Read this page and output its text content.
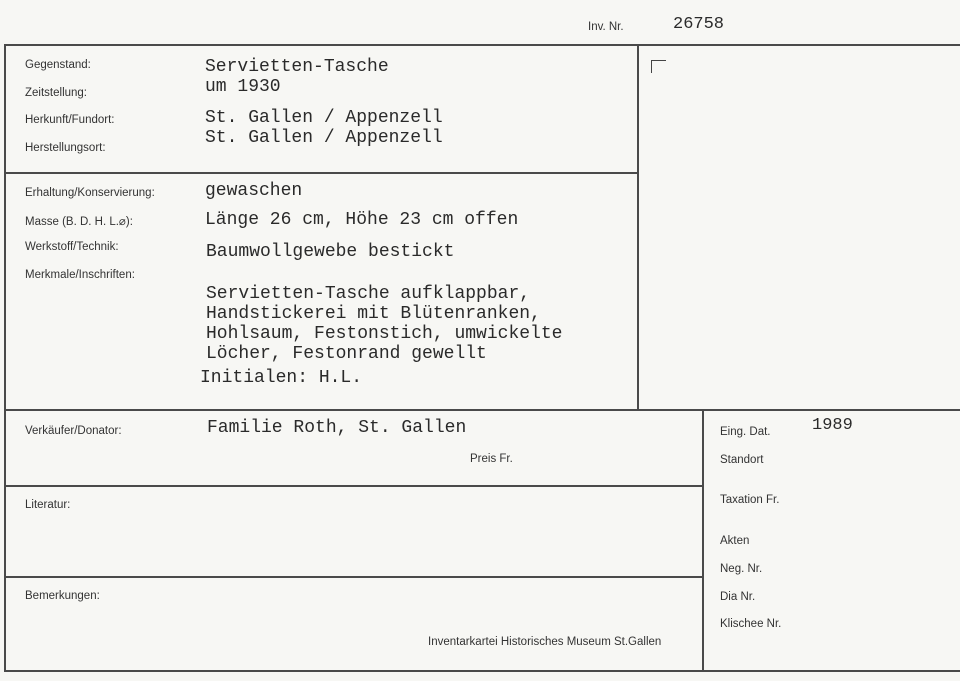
Inv. Nr.	26758
Gegenstand:
Zeitstellung:
Herkunft/Fundort:
Herstellungsort:
Servietten-Tasche
um 1930
St. Gallen / Appenzell
St. Gallen / Appenzell
Erhaltung/Konservierung:
Masse (B. D. H. L.⌀):
Werkstoff/Technik:
Merkmale/Inschriften:
gewaschen
Länge 26 cm, Höhe 23 cm offen
Baumwollgewebe bestickt
Servietten-Tasche aufklappbar,
Handstickerei mit Blütenranken,
Hohlsaum, Festonstich, umwickelte
Löcher, Festonrand gewellt
Initialen: H.L.
Verkäufer/Donator:	Familie Roth, St. Gallen
Preis Fr.
Literatur:
Bemerkungen:
Inventarkartei Historisches Museum St.Gallen
Eing. Dat. 1989
Standort
Taxation Fr.
Akten
Neg. Nr.
Dia Nr.
Klischee Nr.
